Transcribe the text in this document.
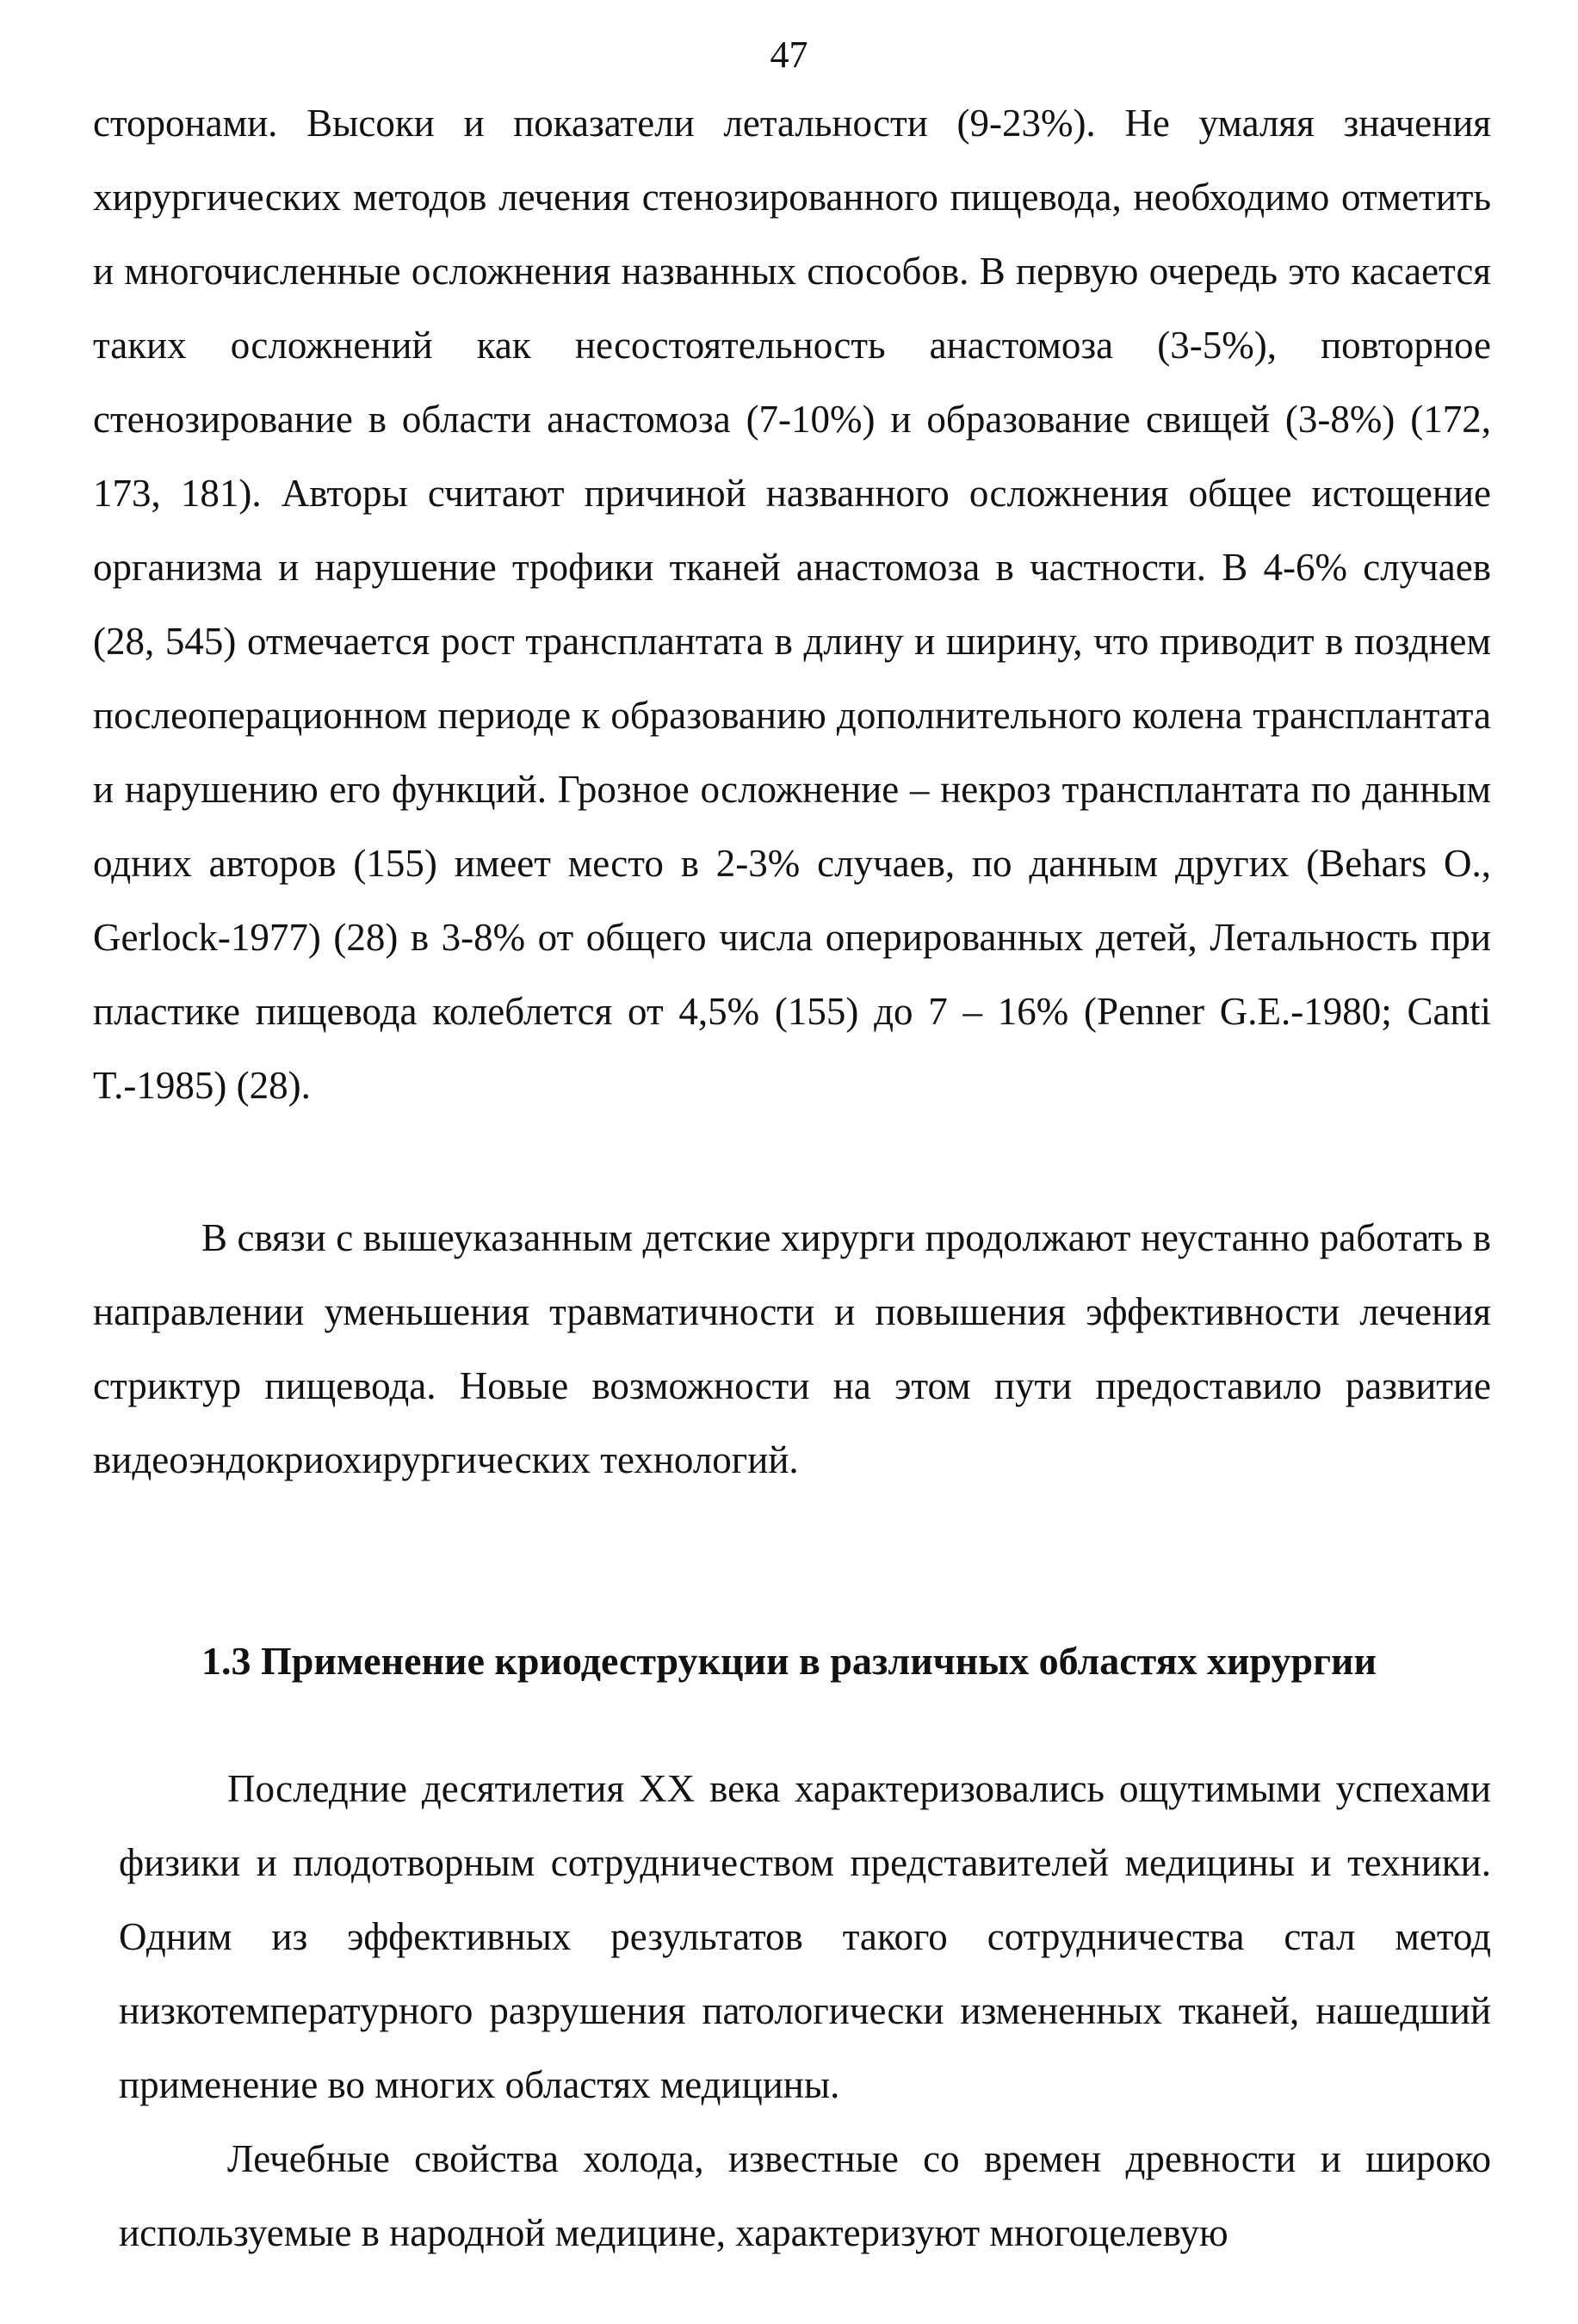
47

сторонами. Высоки и показатели летальности (9-23%). Не умаляя значения хирургических методов лечения стенозированного пищевода, необходимо отметить и многочисленные осложнения названных способов. В первую очередь это касается таких осложнений как несостоятельность анастомоза (3-5%), повторное стенозирование в области анастомоза (7-10%) и образование свищей (3-8%) (172, 173, 181). Авторы считают причиной названного осложнения общее истощение организма и нарушение трофики тканей анастомоза в частности. В 4-6% случаев (28, 545) отмечается рост трансплантата в длину и ширину, что приводит в позднем послеоперационном периоде к образованию дополнительного колена трансплантата и нарушению его функций. Грозное осложнение – некроз трансплантата по данным одних авторов (155) имеет место в 2-3% случаев, по данным других (Behars O., Gerlock-1977) (28) в 3-8% от общего числа оперированных детей, Летальность при пластике пищевода колеблется от 4,5% (155) до 7 – 16% (Penner G.E.-1980; Canti T.-1985) (28).

В связи с вышеуказанным детские хирурги продолжают неустанно работать в направлении уменьшения травматичности и повышения эффективности лечения стриктур пищевода. Новые возможности на этом пути предоставило развитие видеоэндокриохирургических технологий.

1.3 Применение криодеструкции в различных областях хирургии

Последние десятилетия XX века характеризовались ощутимыми успехами физики и плодотворным сотрудничеством представителей медицины и техники. Одним из эффективных результатов такого сотрудничества стал метод низкотемпературного разрушения патологически измененных тканей, нашедший применение во многих областях медицины.

Лечебные свойства холода, известные со времен древности и широко используемые в народной медицине, характеризуют многоцелевую
